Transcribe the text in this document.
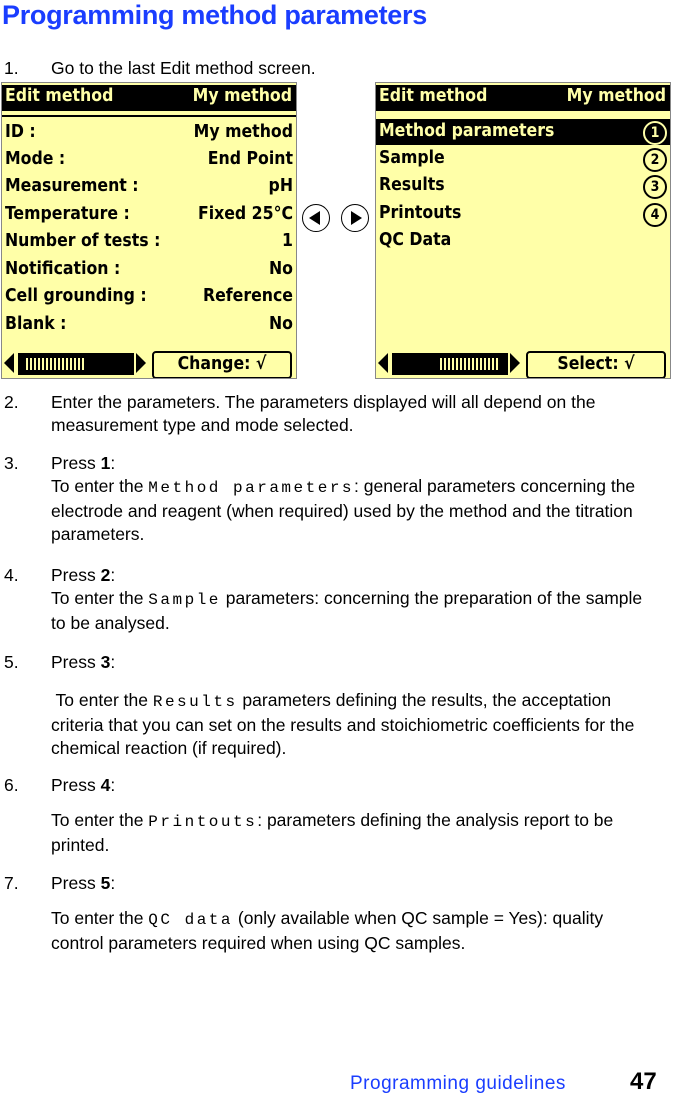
Programming method parameters
1. Go to the last Edit method screen.
Edit method	My method
ID :	My method
Mode :	End Point
Measurement :	pH
Temperature :	Fixed 25°C
Number of tests :	1
Notification :	No
Cell grounding :	Reference
Blank :	No
Change: √
Edit method	My method
Method parameters	1
Sample	2
Results	3
Printouts	4
QC Data
Select: √
2. Enter the parameters. The parameters displayed will all depend on the measurement type and mode selected.
3. Press 1:
To enter the Method parameters: general parameters concerning the electrode and reagent (when required) used by the method and the titration parameters.
4. Press 2:
To enter the Sample parameters: concerning the preparation of the sample to be analysed.
5. Press 3:
To enter the Results parameters defining the results, the acceptation criteria that you can set on the results and stoichiometric coefficients for the chemical reaction (if required).
6. Press 4:

To enter the Printouts: parameters defining the analysis report to be printed.
7. Press 5:

To enter the QC data (only available when QC sample = Yes): quality control parameters required when using QC samples.
Programming guidelines	47
